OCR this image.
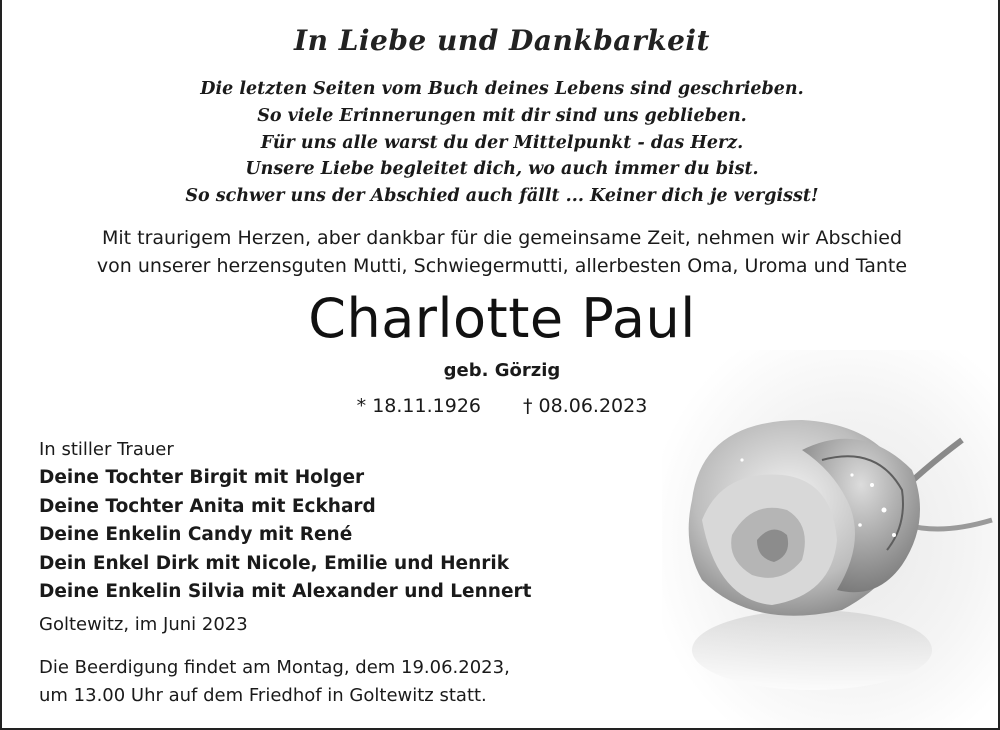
In Liebe und Dankbarkeit
Die letzten Seiten vom Buch deines Lebens sind geschrieben.
So viele Erinnerungen mit dir sind uns geblieben.
Für uns alle warst du der Mittelpunkt - das Herz.
Unsere Liebe begleitet dich, wo auch immer du bist.
So schwer uns der Abschied auch fällt ... Keiner dich je vergisst!
Mit traurigem Herzen, aber dankbar für die gemeinsame Zeit, nehmen wir Abschied
von unserer herzensguten Mutti, Schwiegermutti, allerbesten Oma, Uroma und Tante
Charlotte Paul
geb. Görzig
* 18.11.1926 † 08.06.2023
In stiller Trauer
Deine Tochter Birgit mit Holger
Deine Tochter Anita mit Eckhard
Deine Enkelin Candy mit René
Dein Enkel Dirk mit Nicole, Emilie und Henrik
Deine Enkelin Silvia mit Alexander und Lennert
Goltewitz, im Juni 2023
Die Beerdigung findet am Montag, dem 19.06.2023,
um 13.00 Uhr auf dem Friedhof in Goltewitz statt.
